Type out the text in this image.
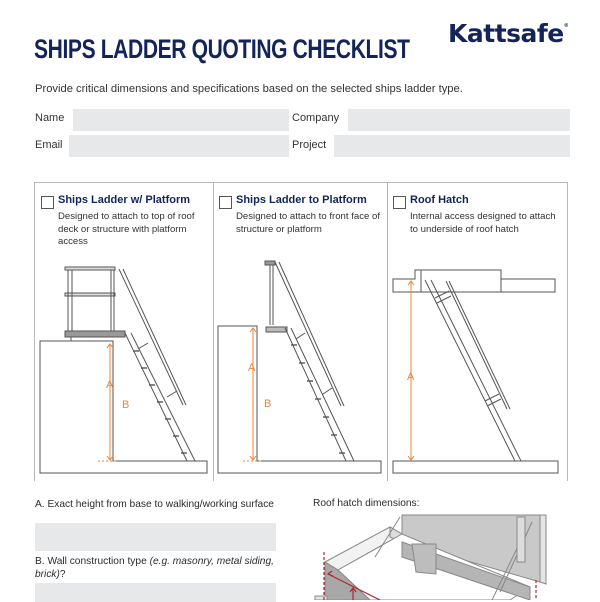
SHIPS LADDER QUOTING CHECKLIST
Kattsafe®
Provide critical dimensions and specifications based on the selected ships ladder type.
Name	Company
Email	Project
Ships Ladder w/ Platform
Designed to attach to top of roof deck or structure with platform access
A
B
Ships Ladder to Platform
Designed to attach to front face of structure or platform
A
B
Roof Hatch
Internal access designed to attach to underside of roof hatch
A
A. Exact height from base to walking/working surface
B. Wall construction type (e.g. masonry, metal siding, brick)?
Roof hatch dimensions:
